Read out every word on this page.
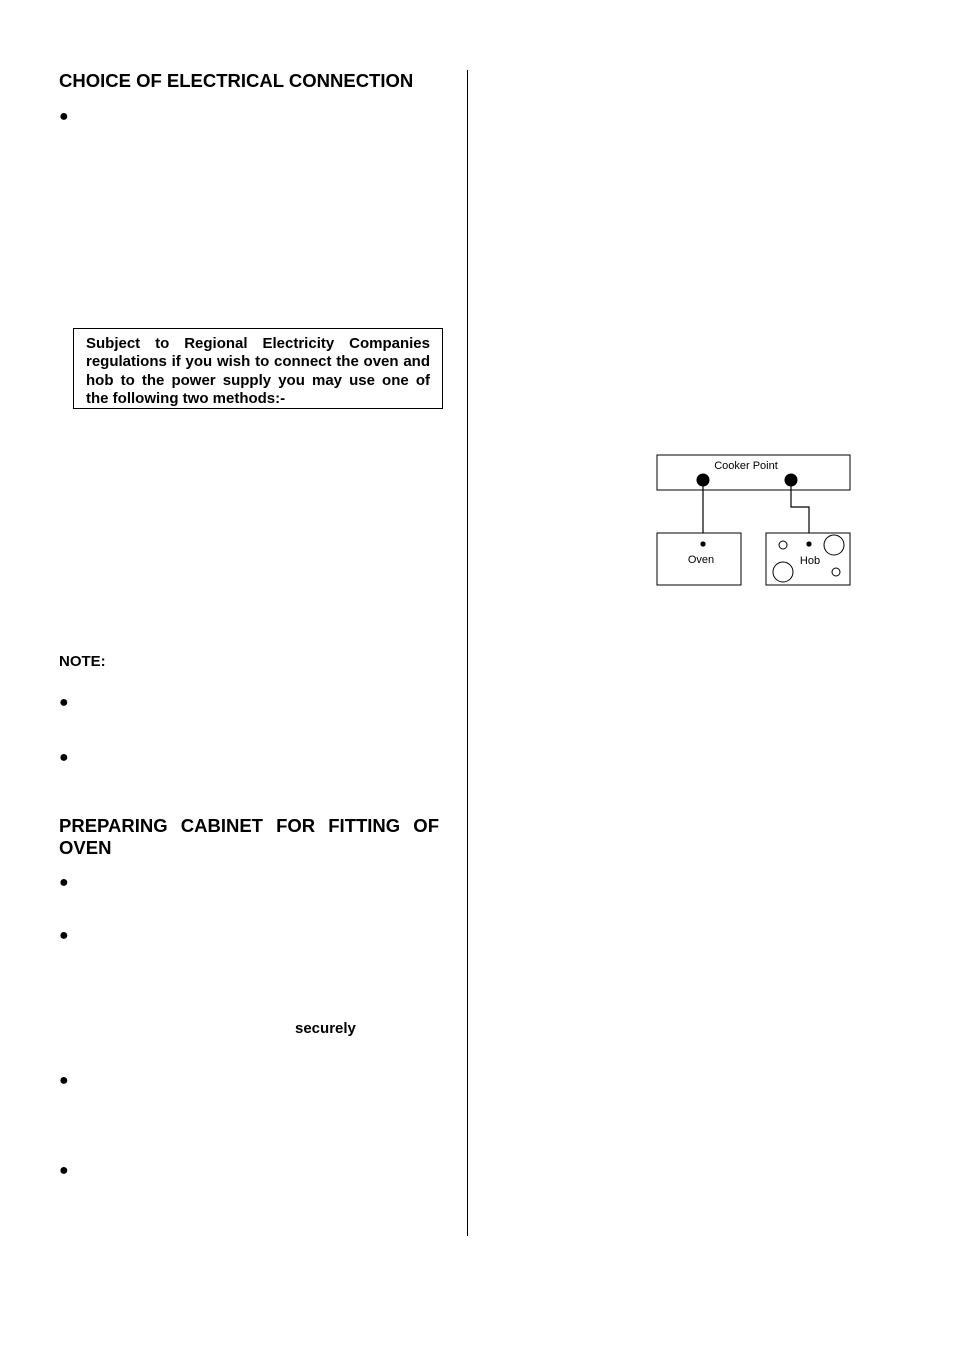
CHOICE OF ELECTRICAL CONNECTION
●
Subject to Regional Electricity Companies regulations if you wish to connect the oven and hob to the power supply you may use one of the following two methods:-
NOTE:
●
●
PREPARING CABINET FOR FITTING OF OVEN
●
●
securely
●
●
Cooker Point
Oven	Hob
